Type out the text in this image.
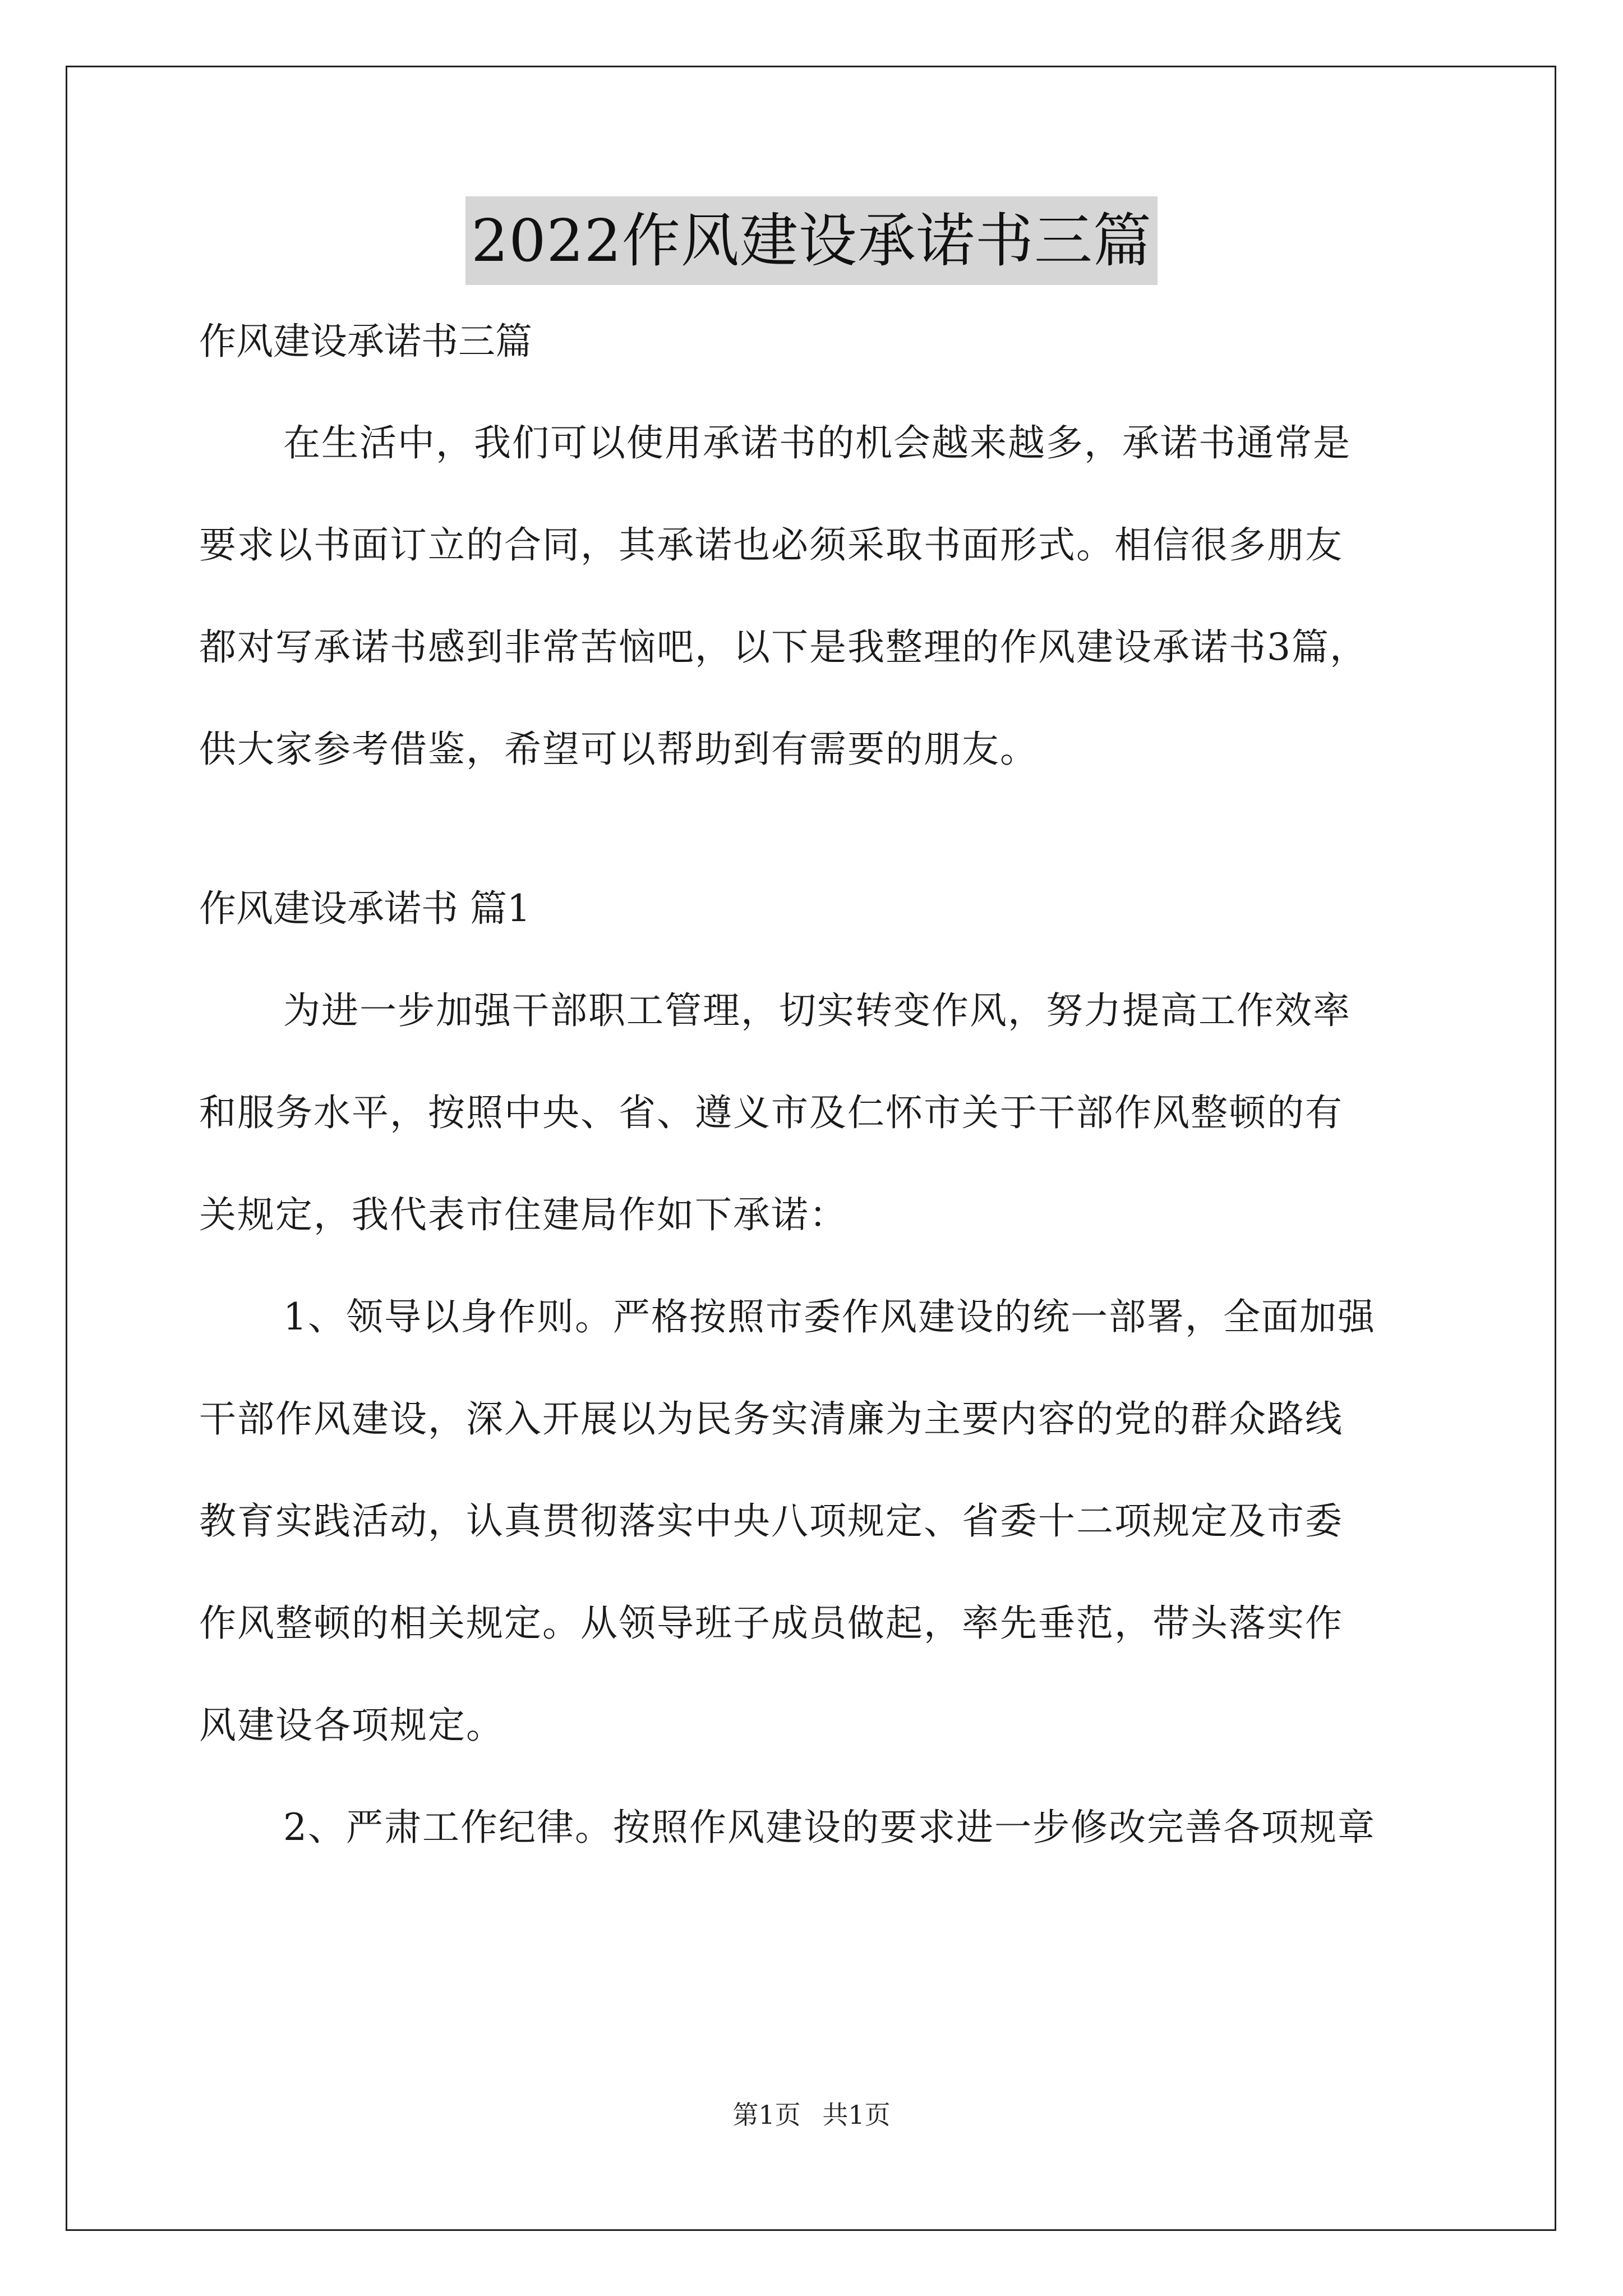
2022作风建设承诺书三篇

作风建设承诺书三篇

在生活中，我们可以使用承诺书的机会越来越多，承诺书通常是
要求以书面订立的合同，其承诺也必须采取书面形式。相信很多朋友
都对写承诺书感到非常苦恼吧，以下是我整理的作风建设承诺书3篇，
供大家参考借鉴，希望可以帮助到有需要的朋友。

作风建设承诺书 篇1

为进一步加强干部职工管理，切实转变作风，努力提高工作效率
和服务水平，按照中央、省、遵义市及仁怀市关于干部作风整顿的有
关规定，我代表市住建局作如下承诺：
1、领导以身作则。严格按照市委作风建设的统一部署，全面加强
干部作风建设，深入开展以为民务实清廉为主要内容的党的群众路线
教育实践活动，认真贯彻落实中央八项规定、省委十二项规定及市委
作风整顿的相关规定。从领导班子成员做起，率先垂范，带头落实作
风建设各项规定。
2、严肃工作纪律。按照作风建设的要求进一步修改完善各项规章
第1页 共1页
